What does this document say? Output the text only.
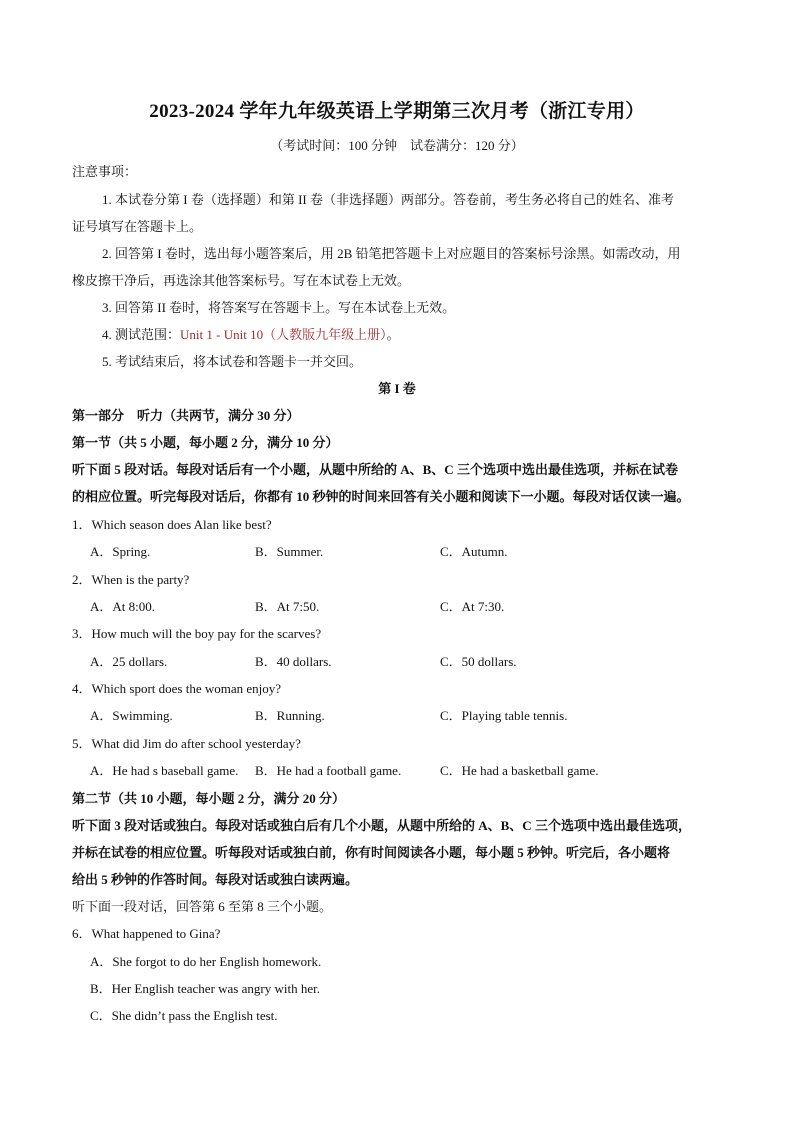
2023-2024 学年九年级英语上学期第三次月考（浙江专用）
（考试时间：100 分钟　试卷满分：120 分）
注意事项：
1. 本试卷分第 I 卷（选择题）和第 II 卷（非选择题）两部分。答卷前，考生务必将自己的姓名、准考
证号填写在答题卡上。
2. 回答第 I 卷时，选出每小题答案后，用 2B 铅笔把答题卡上对应题目的答案标号涂黑。如需改动，用
橡皮擦干净后，再选涂其他答案标号。写在本试卷上无效。
3. 回答第 II 卷时，将答案写在答题卡上。写在本试卷上无效。
4. 测试范围：Unit 1 - Unit 10（人教版九年级上册）。
5. 考试结束后，将本试卷和答题卡一并交回。
第 I 卷
第一部分　听力（共两节，满分 30 分）
第一节（共 5 小题，每小题 2 分，满分 10 分）
听下面 5 段对话。每段对话后有一个小题，从题中所给的 A、B、C 三个选项中选出最佳选项，并标在试卷
的相应位置。听完每段对话后，你都有 10 秒钟的时间来回答有关小题和阅读下一小题。每段对话仅读一遍。
1．Which season does Alan like best?
A．Spring.	B．Summer.	C．Autumn.
2．When is the party?
A．At 8:00.	B．At 7:50.	C．At 7:30.
3．How much will the boy pay for the scarves?
A．25 dollars.	B．40 dollars.	C．50 dollars.
4．Which sport does the woman enjoy?
A．Swimming.	B．Running.	C．Playing table tennis.
5．What did Jim do after school yesterday?
A．He had s baseball game. B．He had a football game.	C．He had a basketball game.
第二节（共 10 小题，每小题 2 分，满分 20 分）
听下面 3 段对话或独白。每段对话或独白后有几个小题，从题中所给的 A、B、C 三个选项中选出最佳选项，
并标在试卷的相应位置。听每段对话或独白前，你有时间阅读各小题，每小题 5 秒钟。听完后，各小题将
给出 5 秒钟的作答时间。每段对话或独白读两遍。
听下面一段对话，回答第 6 至第 8 三个小题。
6．What happened to Gina?
A．She forgot to do her English homework.
B．Her English teacher was angry with her.
C．She didn’t pass the English test.
